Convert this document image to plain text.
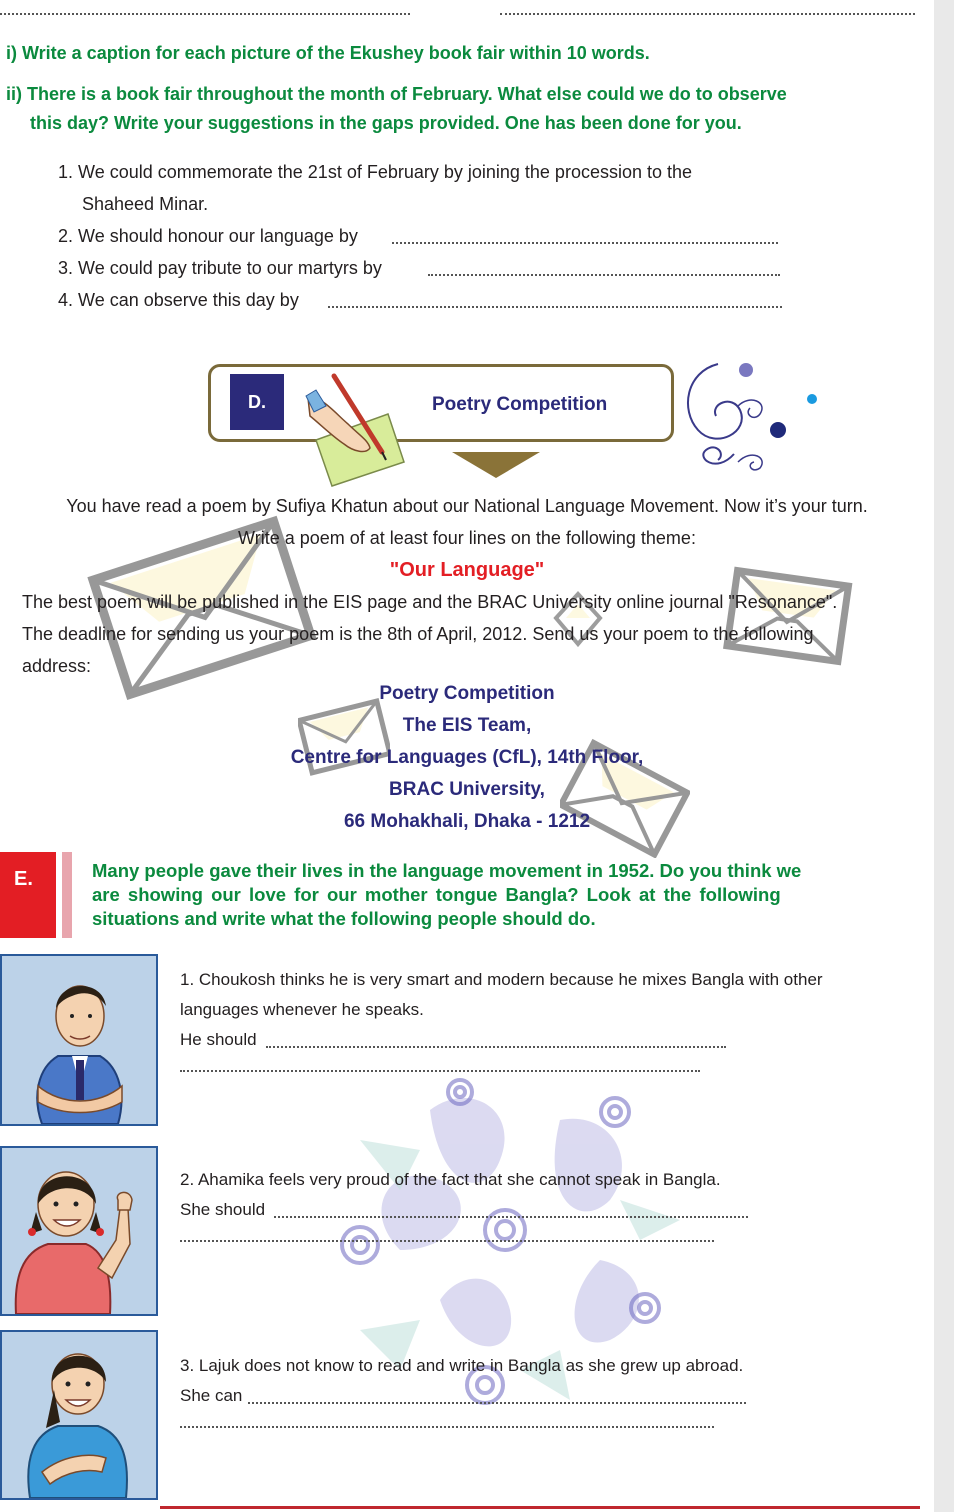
i) Write a caption for each picture of the Ekushey book fair within 10 words.
ii) There is a book fair throughout the month of February. What else could we do to observe
this day? Write your suggestions in the gaps provided. One has been done for you.
1. We could commemorate the 21st of February by joining the procession to the
Shaheed Minar.
2. We should honour our language by
3. We could pay tribute to our martyrs by
4. We can observe this day by
D.	Poetry Competition
You have read a poem by Sufiya Khatun about our National Language Movement. Now it’s your turn.
Write a poem of at least four lines on the following theme:
"Our Language"
The best poem will be published in the EIS page and the BRAC University online journal "Resonance".
The deadline for sending us your poem is the 8th of April, 2012. Send us your poem to the following
address:
Poetry Competition
The EIS Team,
Centre for Languages (CfL), 14th Floor,
BRAC University,
66 Mohakhali, Dhaka - 1212
E.	Many people gave their lives in the language movement in 1952. Do you think we
are showing our love for our mother tongue Bangla? Look at the following
situations and write what the following people should do.
1. Choukosh thinks he is very smart and modern because he mixes Bangla with other
languages whenever he speaks.
He should
2. Ahamika feels very proud of the fact that she cannot speak in Bangla.
She should
3. Lajuk does not know to read and write in Bangla as she grew up abroad.
She can
